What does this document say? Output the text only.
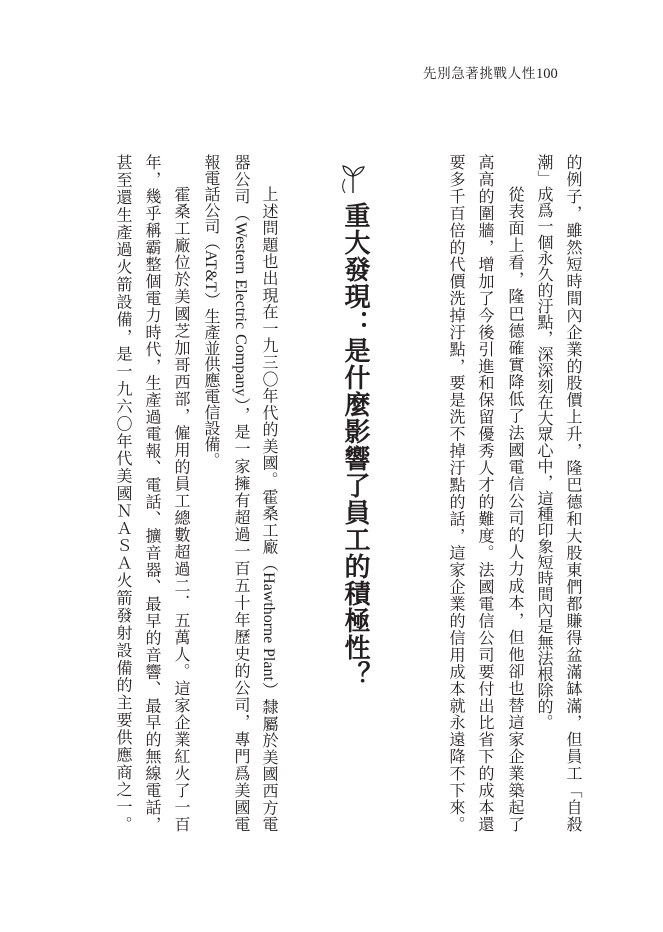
先別急著挑戰人性 100
的例子，雖然短時間內企業的股價上升，隆巴德和大股東們都賺得盆滿缽滿，但員工「自殺
潮」成爲一個永久的汙點，深深刻在大眾心中，這種印象短時間內是無法根除的。
從表面上看，隆巴德確實降低了法國電信公司的人力成本，但他卻也替這家企業築起了
高高的圍牆，增加了今後引進和保留優秀人才的難度。法國電信公司要付出比省下的成本還
要多千百倍的代價洗掉汙點，要是洗不掉汙點的話，這家企業的信用成本就永遠降不下來。
重大發現：是什麼影響了員工的積極性？
上述問題也出現在一九三〇年代的美國。霍桑工廠（Hawthorne Plant）隸屬於美國西方電
器公司（Western Electric Company），是一家擁有超過一百五十年歷史的公司，專門爲美國電
報電話公司（AT&T）生產並供應電信設備。
霍桑工廠位於美國芝加哥西部，僱用的員工總數超過二．五萬人。這家企業紅火了一百
年，幾乎稱霸整個電力時代，生產過電報、電話、擴音器、最早的音響、最早的無線電話，
甚至還生產過火箭設備，是一九六〇年代美國ＮＡＳＡ火箭發射設備的主要供應商之一。
